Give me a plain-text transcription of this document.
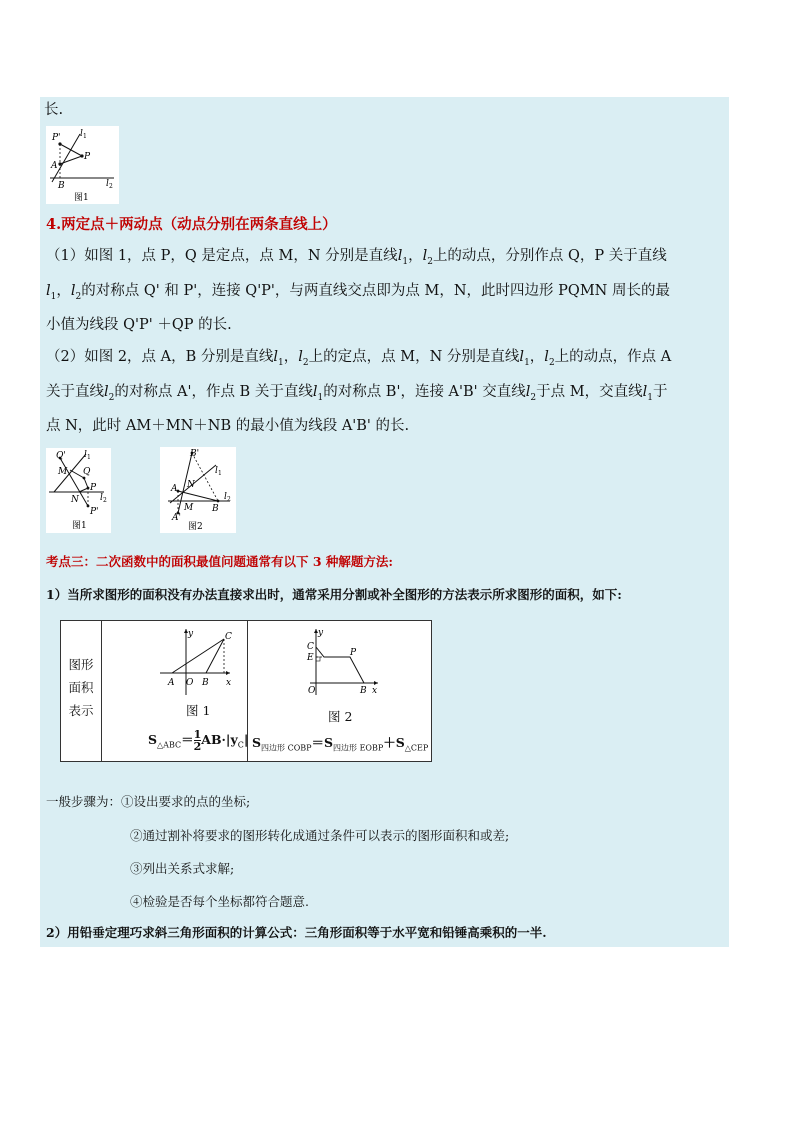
长.
P' l 1
P
A
B	l 2
图1
4.两定点＋两动点（动点分别在两条直线上）
（1）如图 1，点 P，Q 是定点，点 M，N 分别是直线$l_1$，$l_2$上的动点，分别作点 Q，P 关于直线
$l_1$，$l_2$的对称点 Q' 和 P'，连接 Q'P'，与两直线交点即为点 M，N，此时四边形 PQMN 周长的最
小值为线段 Q'P' ＋QP 的长.
（2）如图 2，点 A，B 分别是直线$l_1$，$l_2$上的定点，点 M，N 分别是直线$l_1$，$l_2$上的动点，作点 A
关于直线$l_2$的对称点 A'，作点 B 关于直线$l_1$的对称点 B'，连接 A'B' 交直线$l_2$于点 M，交直线$l_1$于
点 N，此时 AM＋MN＋NB 的最小值为线段 A'B' 的长.
Q' l 1
M Q
P
N l 2
P'
图1
B'
l 1
N
A
M B
l 2
A'
图2
考点三：二次函数中的面积最值问题通常有以下 3 种解题方法:
1）当所求图形的面积没有办法直接求出时，通常采用分割或补全图形的方法表示所求图形的面积，如下:
图形
面积
表示

y	C
A O B x
图 1
$S_{\triangle ABC}= \frac{1}{2} AB\cdot|y_C|$

y
C
E	P
O	B x
图 2
$S_{四边形 COBP}=S_{四边形 EOBP}+S_{\triangle CEP}$
一般步骤为：①设出要求的点的坐标;
②通过割补将要求的图形转化成通过条件可以表示的图形面积和或差;
③列出关系式求解;
④检验是否每个坐标都符合题意.
2）用铅垂定理巧求斜三角形面积的计算公式：三角形面积等于水平宽和铅锤高乘积的一半.
